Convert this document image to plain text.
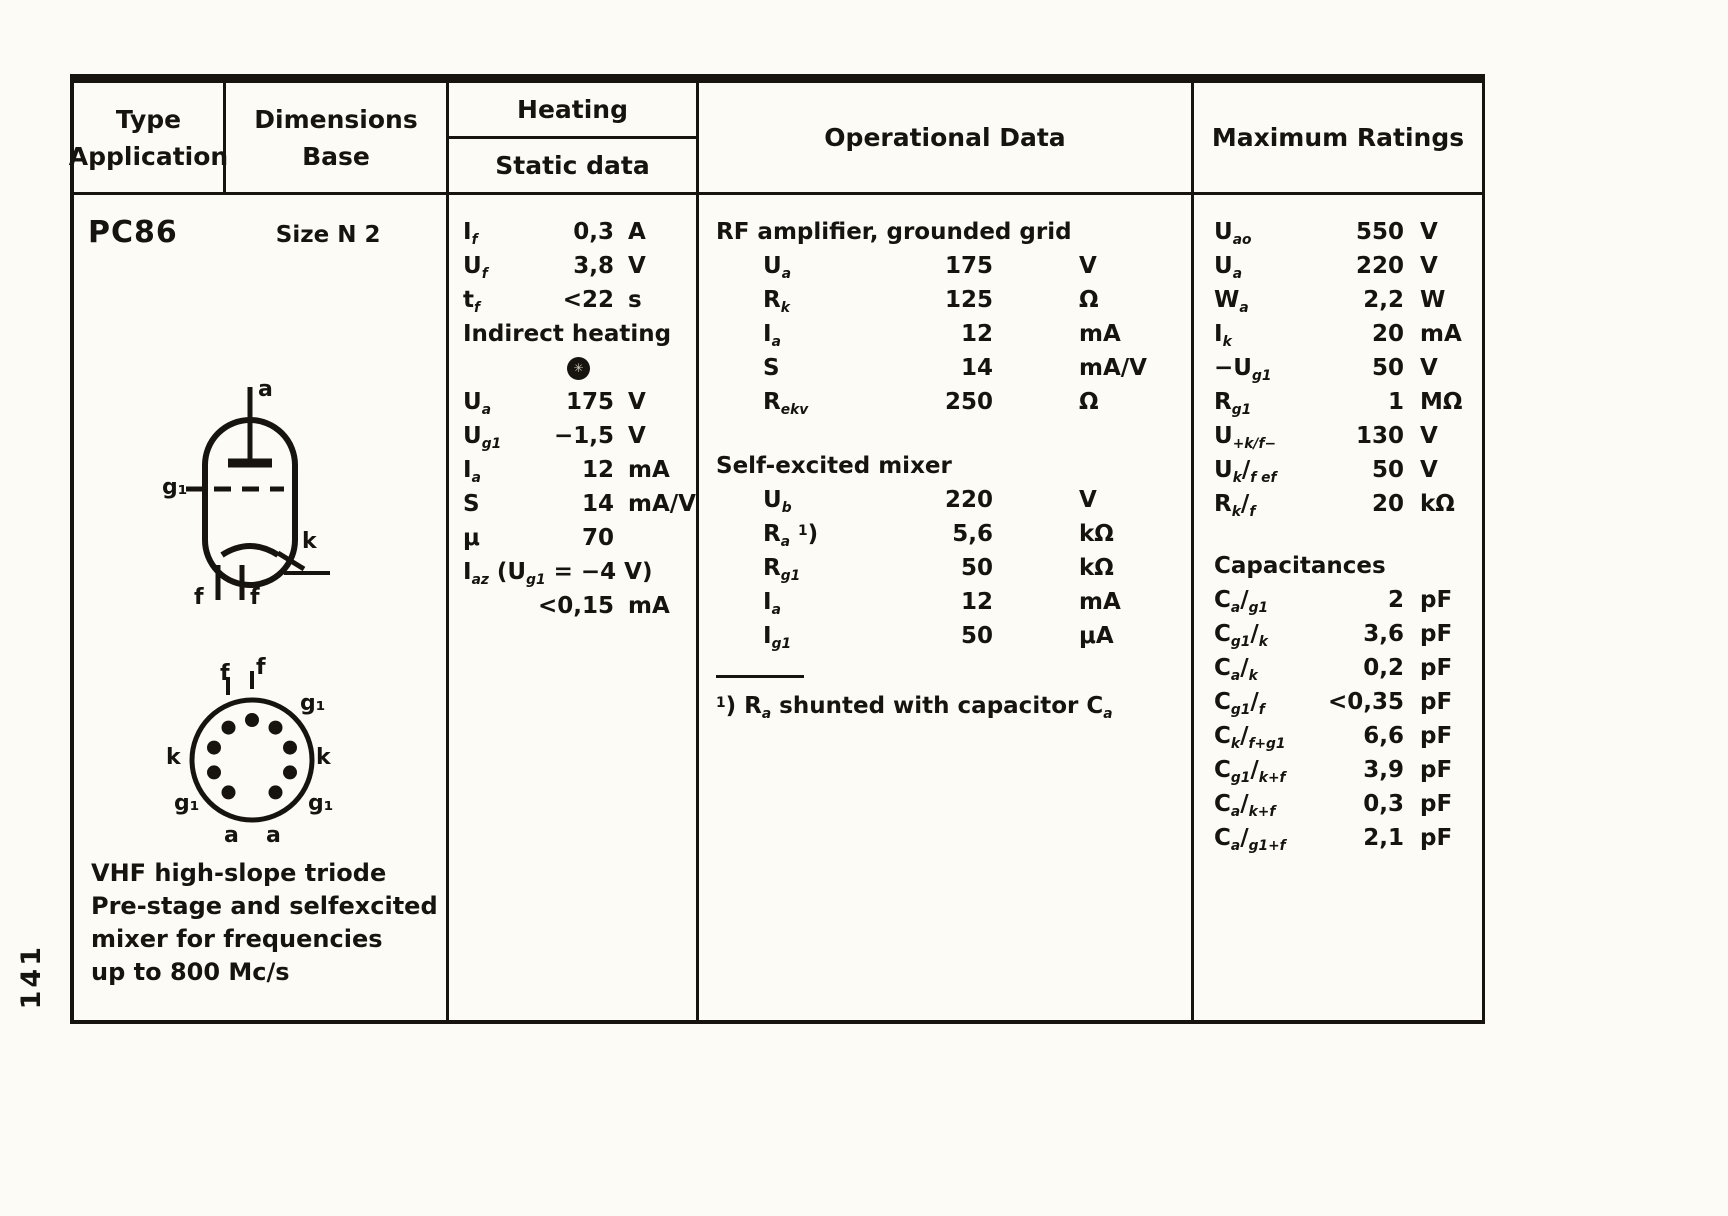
141
Type
Application
Dimensions
Base
Heating
Static data
Operational Data	Maximum Ratings
PC86	Size N 2
a
g₁
k
f f
f f
g₁
k
g₁
a
a
g₁
k
VHF high-slope triode
Pre-stage and selfexcited
mixer for frequencies
up to 800 Mc/s
$I_f$	0,3 A
$U_f$	3,8 V
$t_f$	<22 s
Indirect heating
✳
$U_a$	175 V
$U_{g1}$	−1,5 V
$I_a$	12 mA
S	14 mA/V
μ	70
$I_{az}$ ($U_{g1} = -4$ V)
<0,15 mA
RF amplifier, grounded grid
$U_a$	175	V
$R_k$	125	Ω
$I_a$	12	mA
S	14	mA/V
$R_{ekv}$	250	Ω
Self-excited mixer
$U_b$	220	V
$R_a$ $^1$)	5,6	kΩ
$R_{g1}$	50	kΩ
$I_a$	12	mA
$I_{g1}$	50	μA
$^1$) $R_a$ shunted with capacitor $C_a$
$U_{ao}$	550 V
$U_a$	220 V
$W_a$	2,2 W
$I_k$	20 mA
$-U_{g1}$	50 V
$R_{g1}$	1 MΩ
$U_{+k/f-}$	130 V
$U_k/_{f ef}$	50 V
$R_k/_f$	20 kΩ
Capacitances
$C_a/_{g1}$	2 pF
$C_{g1}/_k$	3,6 pF
$C_a/_k$	0,2 pF
$C_{g1}/_f$	<0,35 pF
$C_k/_{f+g1}$	6,6 pF
$C_{g1}/_{k+f}$	3,9 pF
$C_a/_{k+f}$	0,3 pF
$C_a/_{g1+f}$	2,1 pF
